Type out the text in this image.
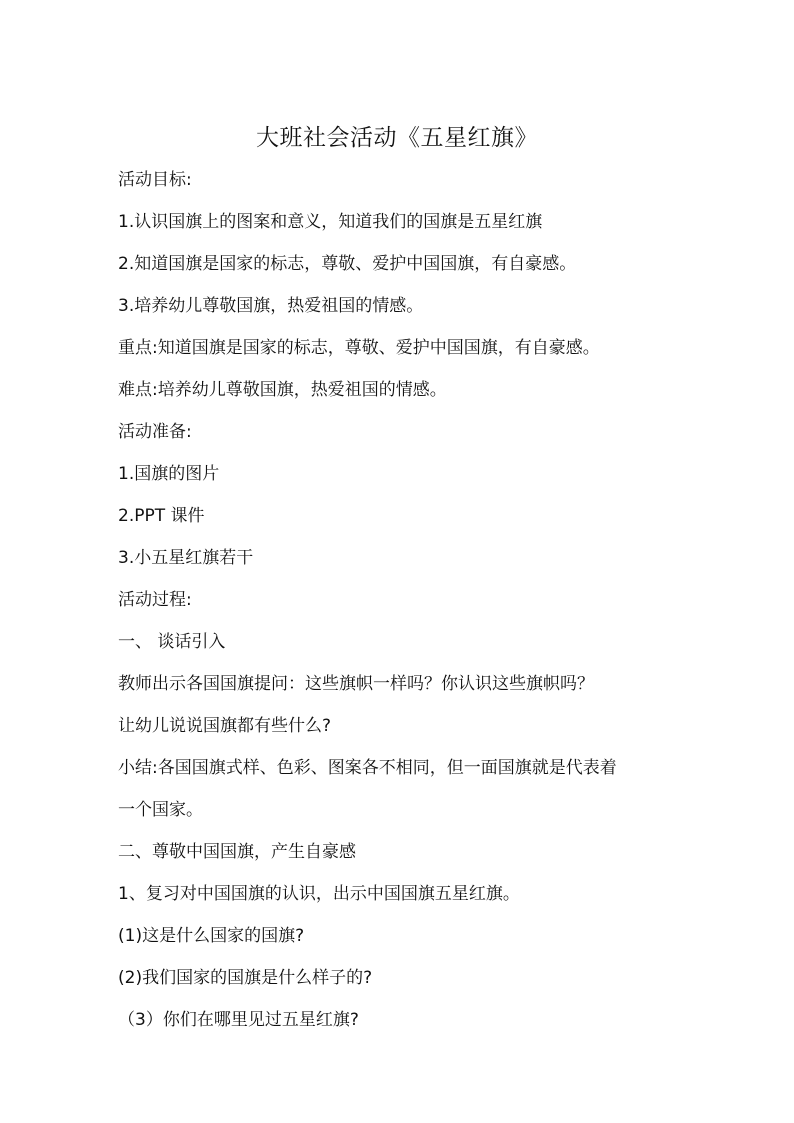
大班社会活动《五星红旗》
活动目标:
1.认识国旗上的图案和意义，知道我们的国旗是五星红旗
2.知道国旗是国家的标志，尊敬、爱护中国国旗，有自豪感。
3.培养幼儿尊敬国旗，热爱祖国的情感。
重点:知道国旗是国家的标志，尊敬、爱护中国国旗，有自豪感。
难点:培养幼儿尊敬国旗，热爱祖国的情感。
活动准备:
1.国旗的图片
2.PPT 课件
3.小五星红旗若干
活动过程:
一、 谈话引入
教师出示各国国旗提问：这些旗帜一样吗？你认识这些旗帜吗？
让幼儿说说国旗都有些什么?
小结:各国国旗式样、色彩、图案各不相同，但一面国旗就是代表着
一个国家。
二、尊敬中国国旗，产生自豪感
1、复习对中国国旗的认识，出示中国国旗五星红旗。
(1)这是什么国家的国旗?
(2)我们国家的国旗是什么样子的?
（3）你们在哪里见过五星红旗?
